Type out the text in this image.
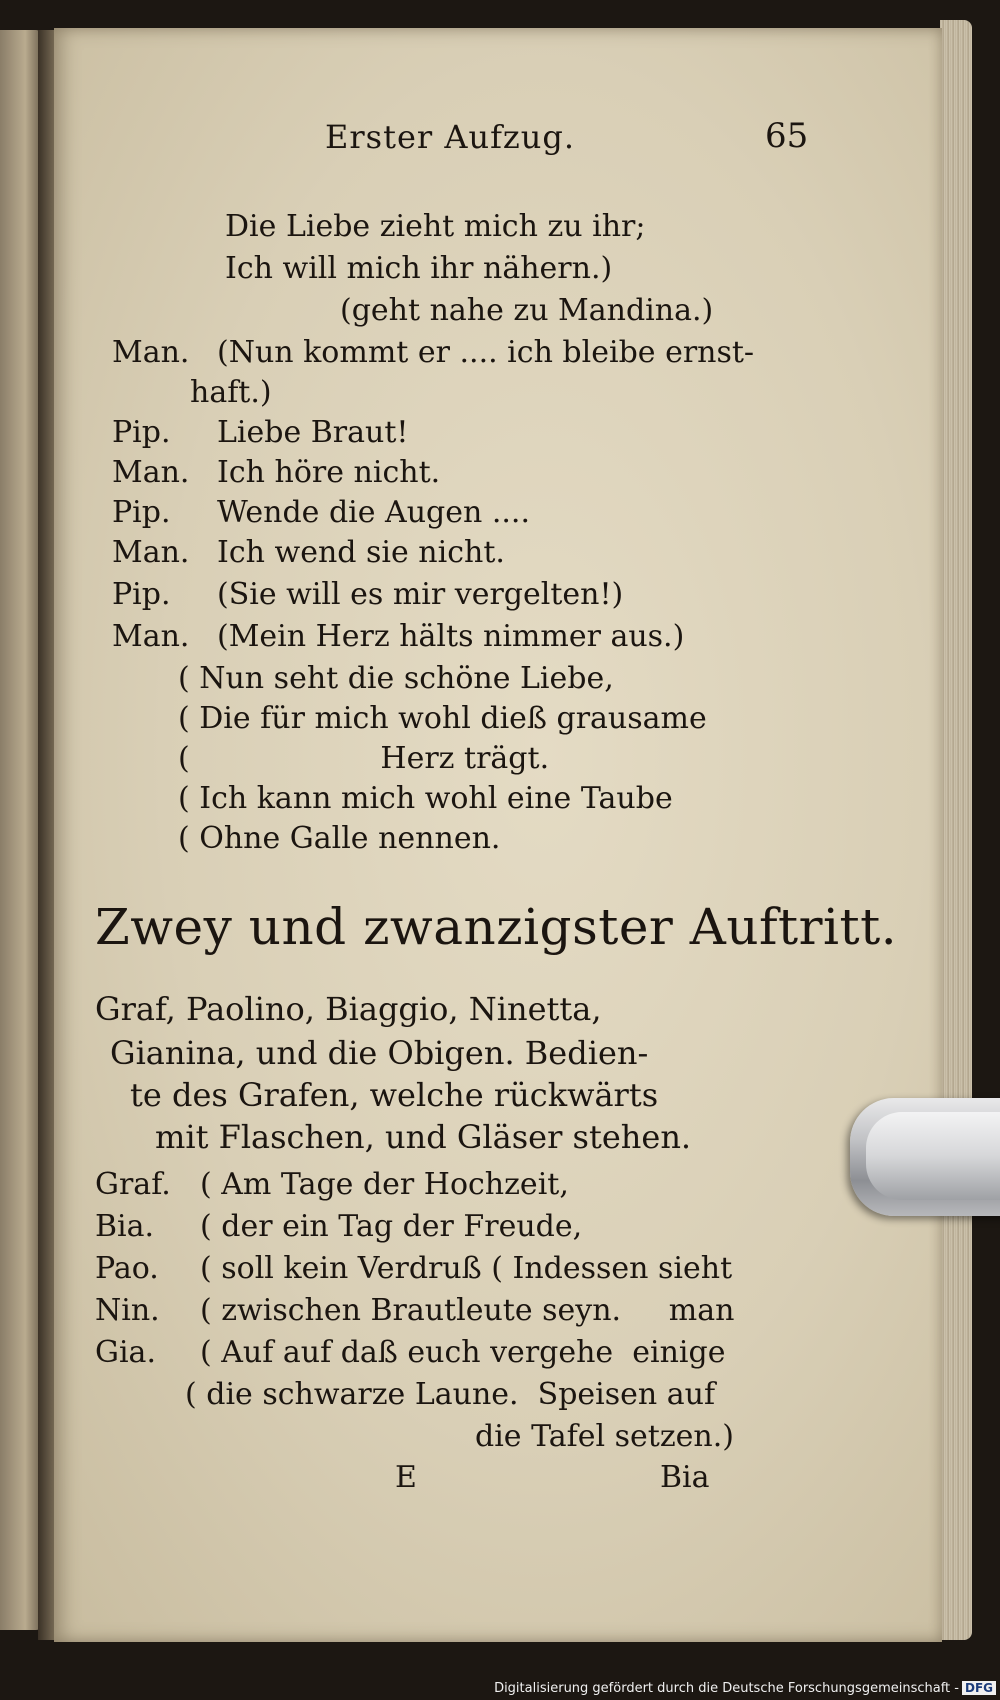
Erster Aufzug.	65
Die Liebe zieht mich zu ihr;
Ich will mich ihr nähern.)
(geht nahe zu Mandina.)
Man. (Nun kommt er .... ich bleibe ernst-
haft.)
Pip. Liebe Braut!
Man. Ich höre nicht.
Pip. Wende die Augen ....
Man. Ich wend sie nicht.
Pip. (Sie will es mir vergelten!)
Man. (Mein Herz hälts nimmer aus.)
( Nun seht die schöne Liebe,
( Die für mich wohl dieß grausame
(                    Herz trägt.
( Ich kann mich wohl eine Taube
( Ohne Galle nennen.
Zwey und zwanzigster Auftritt.
Graf, Paolino, Biaggio, Ninetta,
Gianina, und die Obigen. Bedien-
te des Grafen, welche rückwärts
mit Flaschen, und Gläser stehen.
Graf. ( Am Tage der Hochzeit,
Bia. ( der ein Tag der Freude,
Pao. ( soll kein Verdruß ( Indessen sieht
Nin. ( zwischen Brautleute seyn.     man
Gia. ( Auf auf daß euch vergehe  einige
( die schwarze Laune.  Speisen auf
die Tafel setzen.)
E	Bia
Digitalisierung gefördert durch die Deutsche Forschungsgemeinschaft - DFG
